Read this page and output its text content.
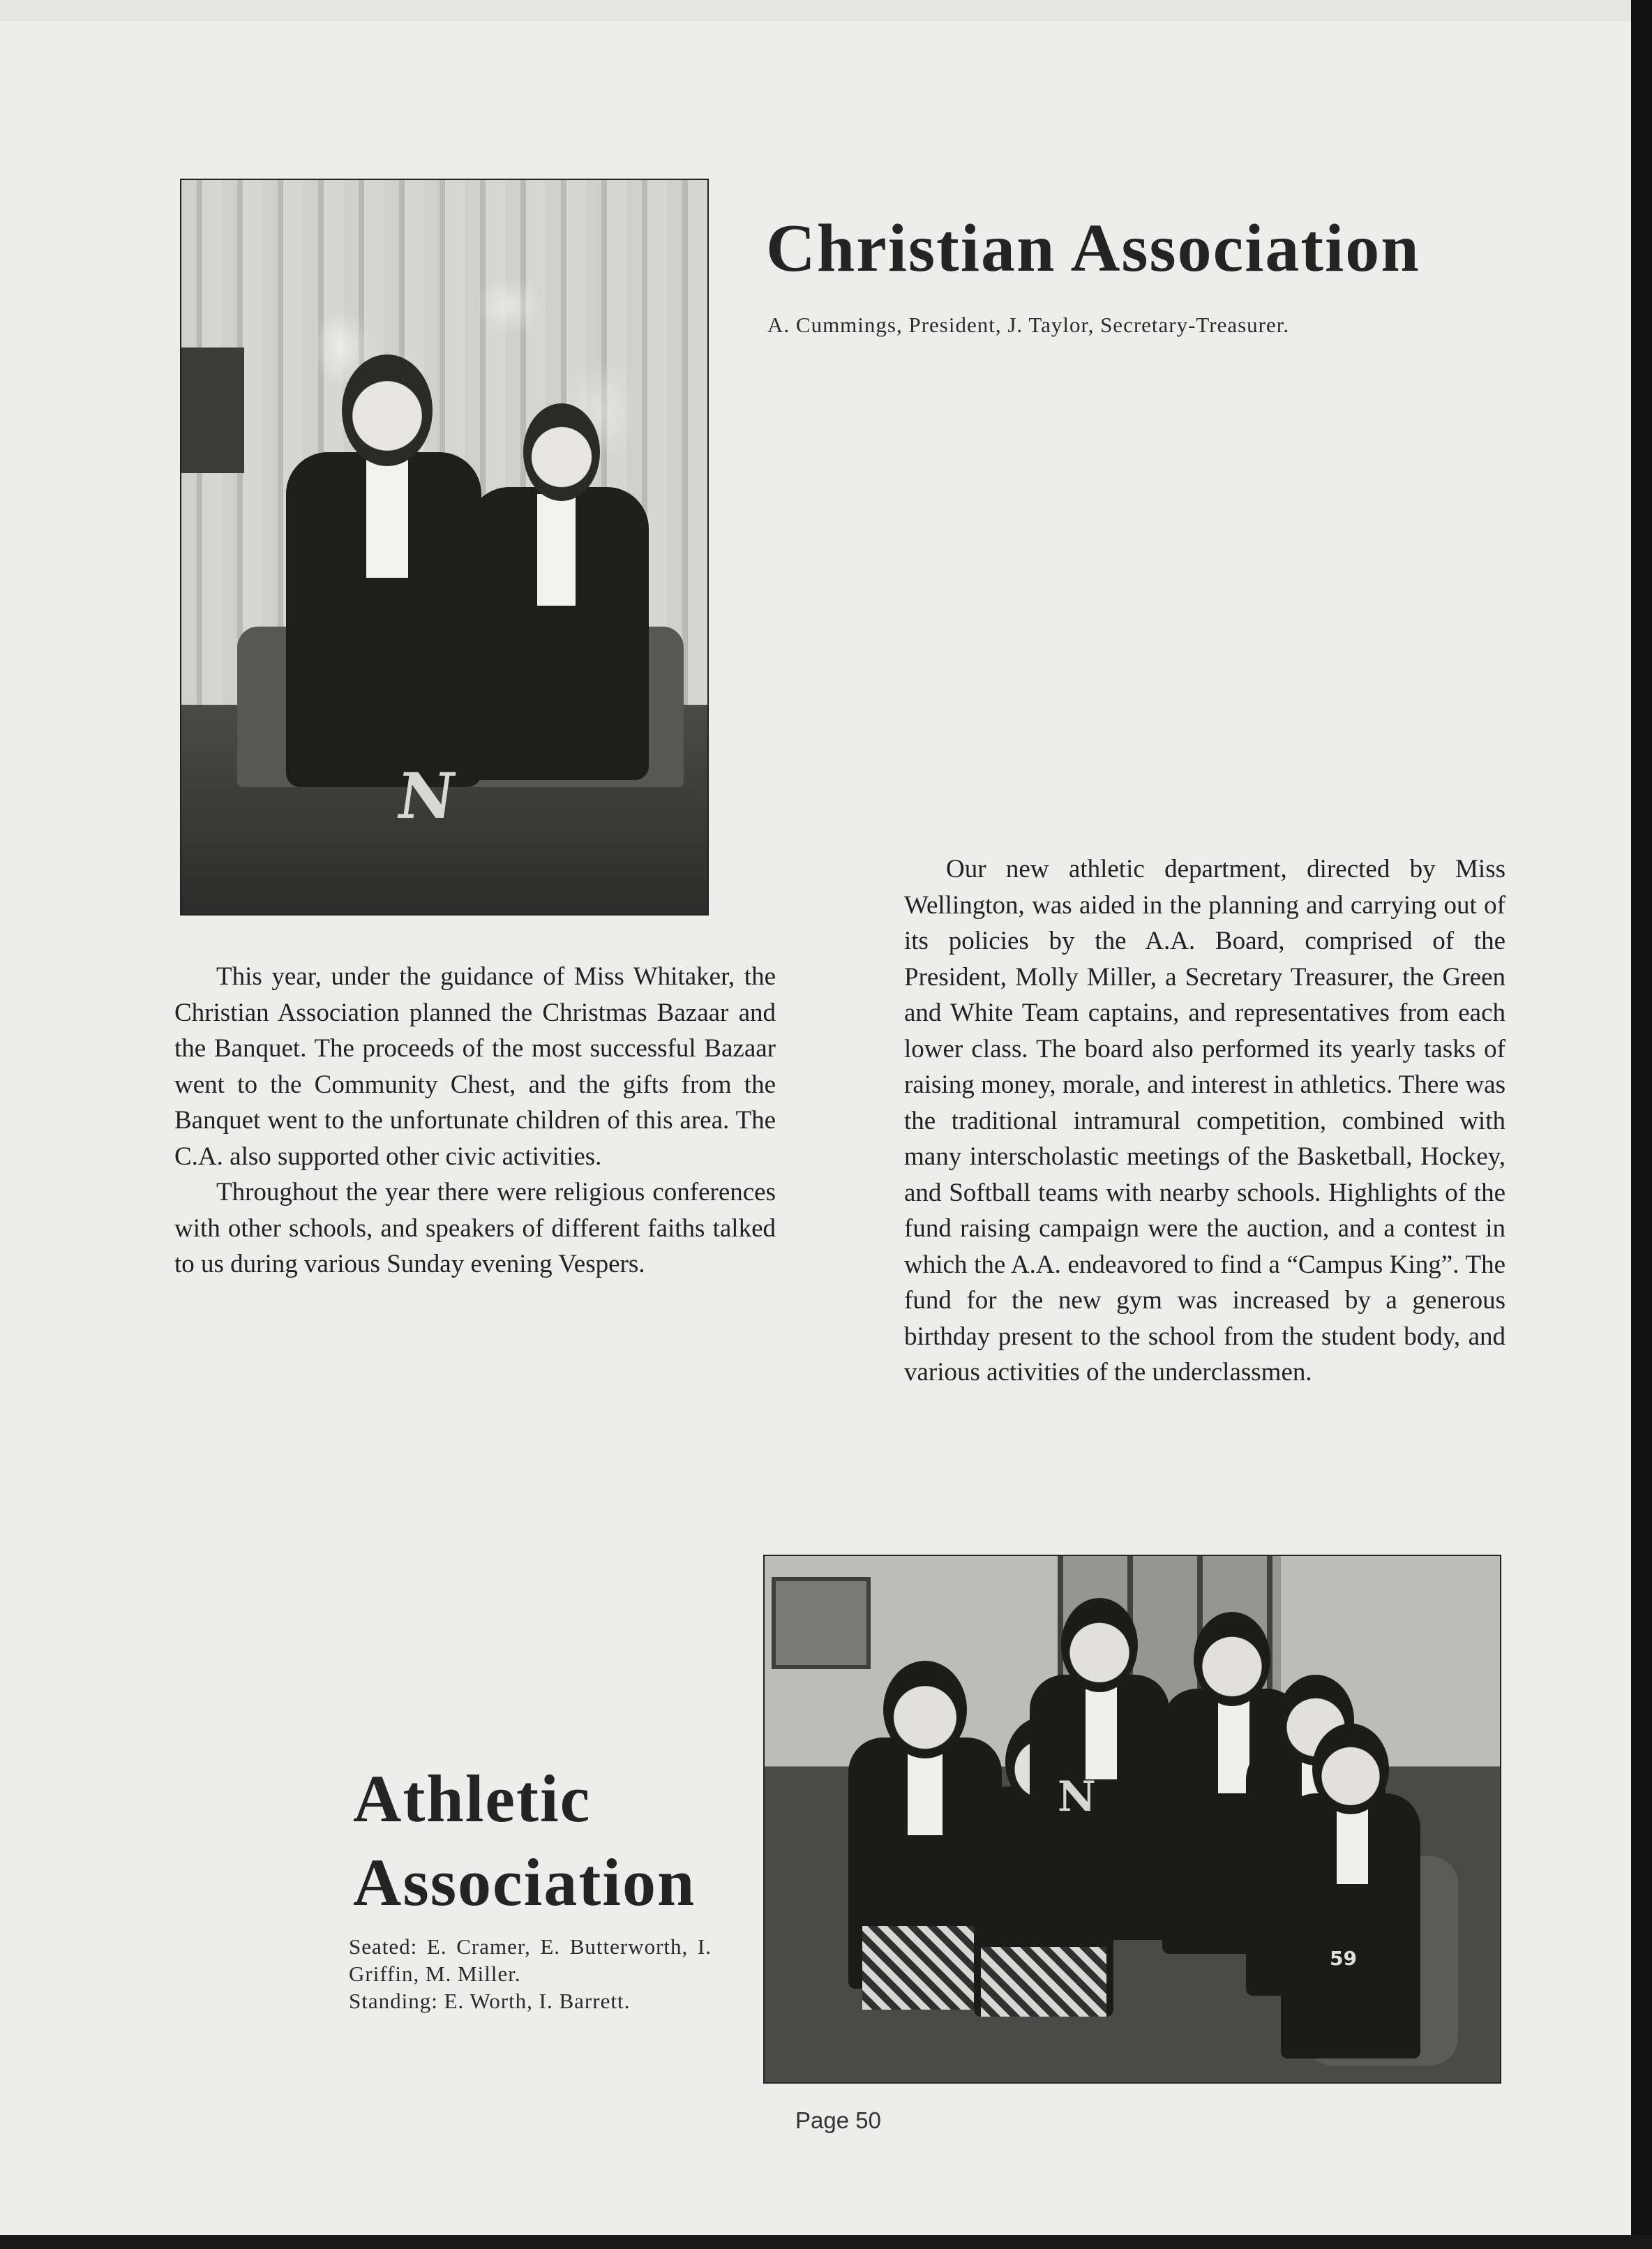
N
Christian Association
A. Cummings, President, J. Taylor, Secretary-Treasurer.

This year, under the guidance of Miss Whitaker, the Christian Association planned the Christmas Bazaar and the Banquet. The proceeds of the most successful Bazaar went to the Community Chest, and the gifts from the Banquet went to the unfortunate children of this area. The C.A. also supported other civic activities.

Throughout the year there were religious conferences with other schools, and speakers of different faiths talked to us during various Sunday evening Vespers.

Our new athletic department, directed by Miss Wellington, was aided in the planning and carrying out of its policies by the A.A. Board, comprised of the President, Molly Miller, a Secretary Treasurer, the Green and White Team captains, and representatives from each lower class. The board also performed its yearly tasks of raising money, morale, and interest in athletics. There was the traditional intramural competition, combined with many interscholastic meetings of the Basketball, Hockey, and Softball teams with nearby schools. Highlights of the fund raising campaign were the auction, and a contest in which the A.A. endeavored to find a “Campus King”. The fund for the new gym was increased by a generous birthday present to the school from the student body, and various activities of the underclassmen.

N
59
Athletic
Association
Seated: E. Cramer, E. Butterworth, I. Griffin, M. Miller.
Standing: E. Worth, I. Barrett.
Page 50
